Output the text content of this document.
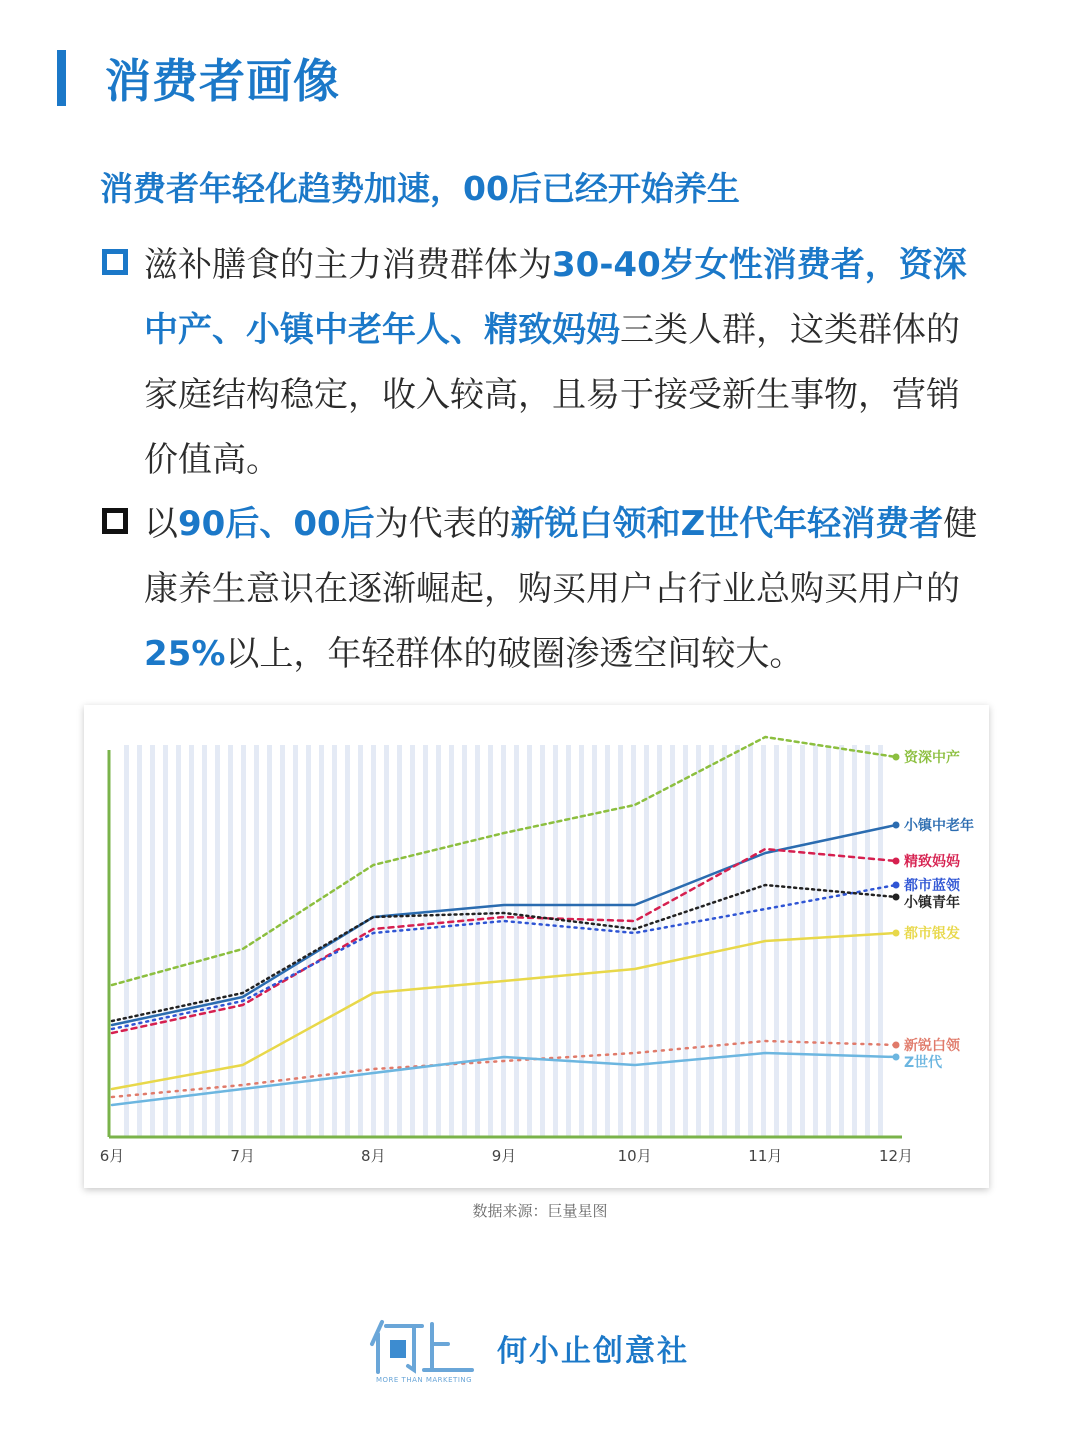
消费者画像
消费者年轻化趋势加速，00后已经开始养生
滋补膳食的主力消费群体为30-40岁女性消费者，资深中产、小镇中老年人、精致妈妈三类人群，这类群体的家庭结构稳定，收入较高，且易于接受新生事物，营销价值高。
以90后、00后为代表的新锐白领和Z世代年轻消费者健康养生意识在逐渐崛起，购买用户占行业总购买用户的25%以上，年轻群体的破圈渗透空间较大。
6月	7月	8月	9月	10月	11月	12月
资深中产
小镇中老年
精致妈妈
都市蓝领
小镇青年
都市银发
新锐白领
Z世代
数据来源：巨量星图
MORE THAN MARKETING
何小止创意社
